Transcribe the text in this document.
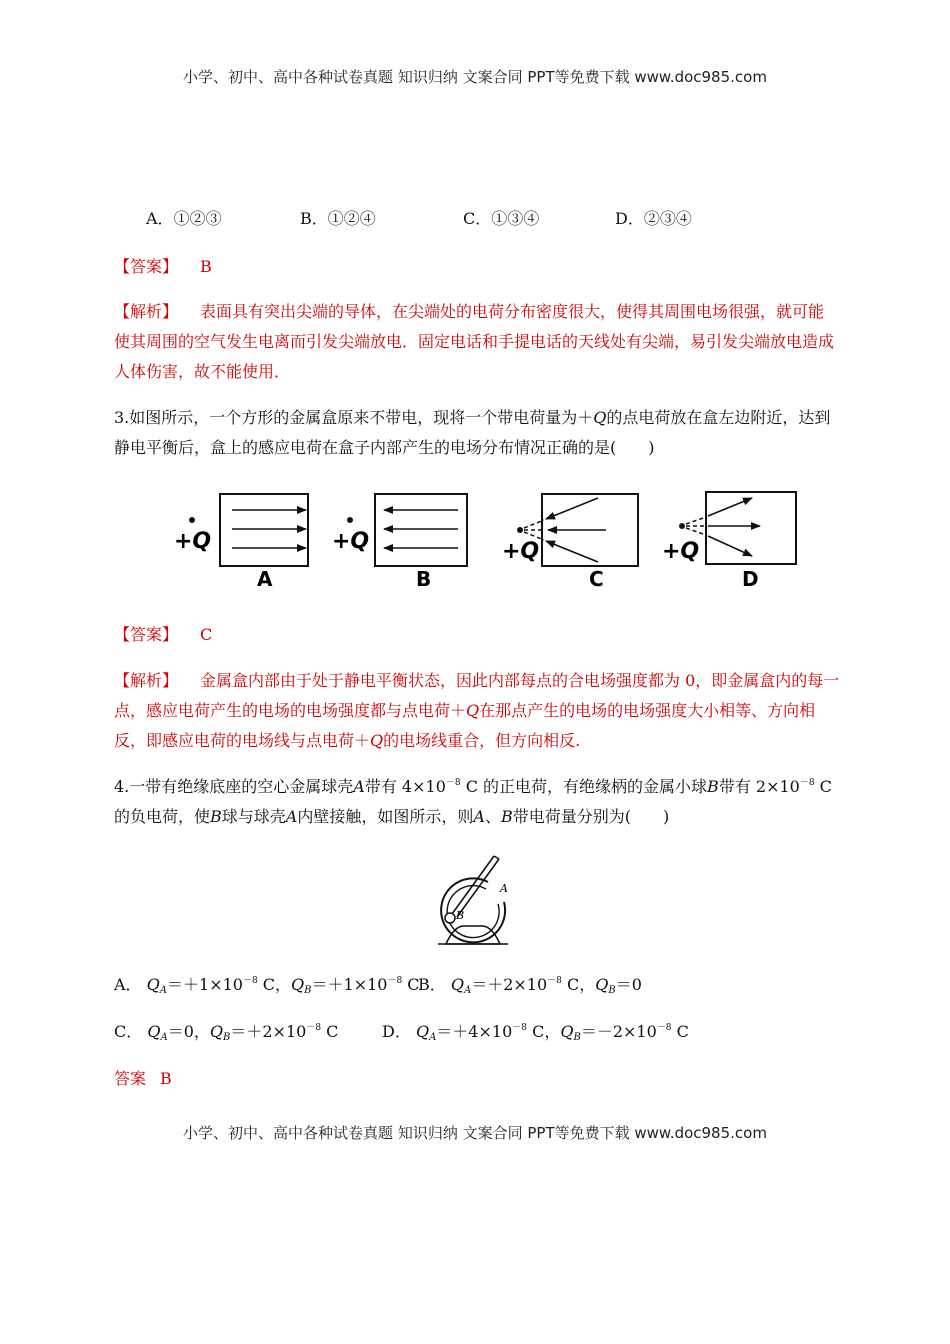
小学、初中、高中各种试卷真题 知识归纳 文案合同 PPT等免费下载 www.doc985.com
A．①②③	B．①②④	C．①③④	D．②③④
【答案】 B
【解析】 表面具有突出尖端的导体，在尖端处的电荷分布密度很大，使得其周围电场很强，就可能使其周围的空气发生电离而引发尖端放电．固定电话和手提电话的天线处有尖端，易引发尖端放电造成人体伤害，故不能使用．
3.如图所示，一个方形的金属盒原来不带电，现将一个带电荷量为＋Q的点电荷放在盒左边附近，达到静电平衡后，盒上的感应电荷在盒子内部产生的电场分布情况正确的是(　　)
+Q
A
+Q
B
+Q
C
+Q
D
【答案】 C
【解析】 金属盒内部由于处于静电平衡状态，因此内部每点的合电场强度都为 0，即金属盒内的每一点，感应电荷产生的电场的电场强度都与点电荷＋Q在那点产生的电场的电场强度大小相等、方向相反，即感应电荷的电场线与点电荷＋Q的电场线重合，但方向相反.
4.一带有绝缘底座的空心金属球壳A带有 $4\times 10^{-8}$ C 的正电荷，有绝缘柄的金属小球B带有 $2\times 10^{-8}$ C 的负电荷，使B球与球壳A内壁接触，如图所示，则A、B带电荷量分别为(　　)
B
A
A． $Q_A=+1\times 10^{-8}$ C，$Q_B=+1\times 10^{-8}$ C
B． $Q_A=+2\times 10^{-8}$ C，$Q_B=0$
C． $Q_A=0$，$Q_B=+2\times 10^{-8}$ C	D． $Q_A=+4\times 10^{-8}$ C，$Q_B=-2\times 10^{-8}$ C
答案 B
小学、初中、高中各种试卷真题 知识归纳 文案合同 PPT等免费下载 www.doc985.com
